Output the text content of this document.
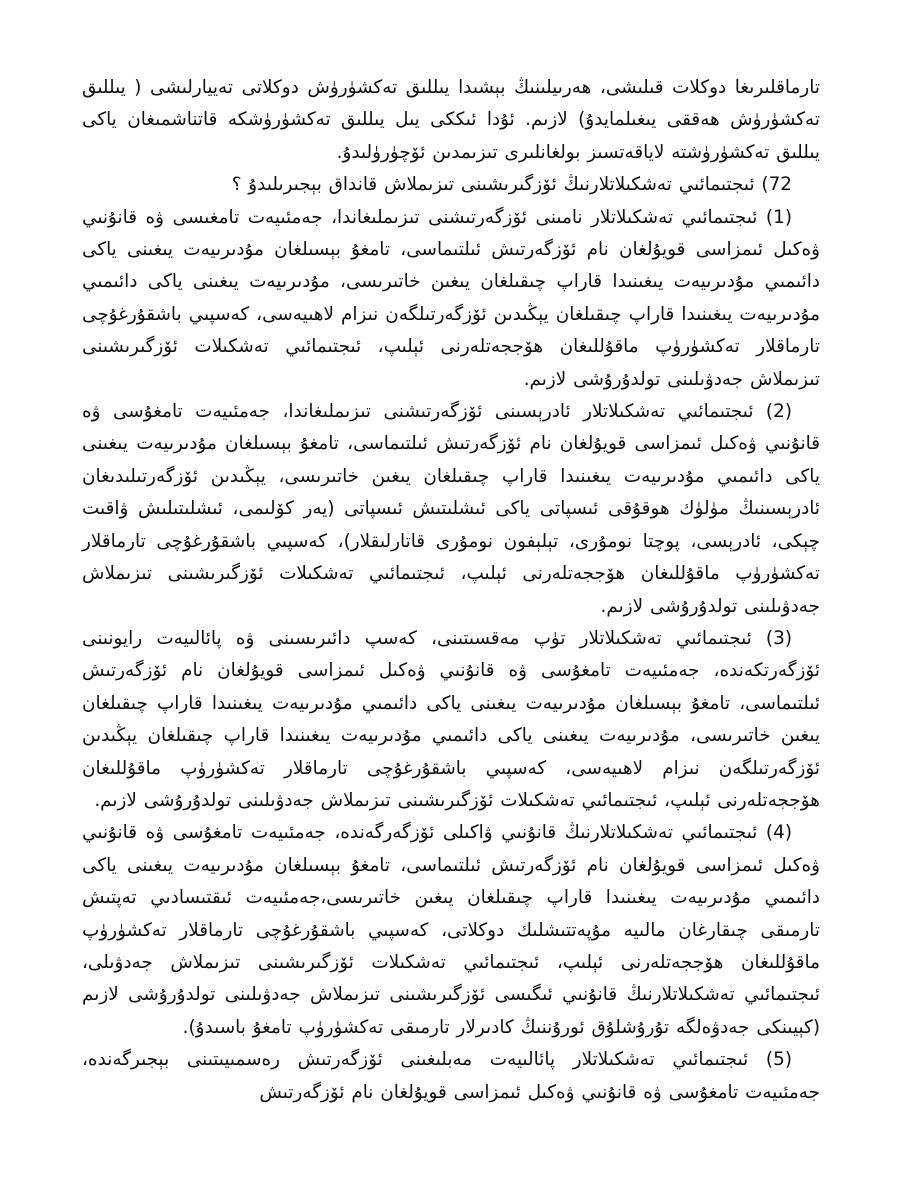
تارماقلىرىغا دوكلات قىلىشى، ھەرىيلىنىڭ بېشىدا يىللىق تەكشۈرۈش دوكلاتى تەييارلىشى ( يىللىق تەكشۈرۈش ھەققى يىغىلمايدۇ) لازىم. ئۇدا ئىككى يىل يىللىق تەكشۈرۈشكە قاتناشمىغان ياكى يىللىق تەكشۈرۈشتە لاياقەتسىز بولغانلىرى تىزىمدىن ئۆچۈرۈلىدۇ.

72) ئىجتىمائىي تەشكىلاتلارنىڭ ئۆزگىرىشىنى تىزىملاش قانداق بېجىرىلىدۇ ؟

(1) ئىجتىمائىي تەشكىلاتلار نامىنى ئۆزگەرتىشنى تىزىملىغاندا، جەمئىيەت تامغىسى ۋە قانۇنىي ۋەكىل ئىمزاسى قويۇلغان نام ئۆزگەرتىش ئىلتىماسى، تامغۇ بېسىلغان مۇدىرىيەت يىغىنى ياكى دائىمىي مۇدىرىيەت يىغىنىدا قاراپ چىقىلغان يىغىن خاتىرىسى، مۇدىرىيەت يىغىنى ياكى دائىمىي مۇدىرىيەت يىغىنىدا قاراپ چىقىلغان يېڭىدىن ئۆزگەرتىلگەن نىزام لاھىيەسى، كەسپىي باشقۇرغۇچى تارماقلار تەكشۈرۈپ ماقۇللىغان ھۆججەتلەرنى ئېلىپ، ئىجتىمائىي تەشكىلات ئۆزگىرىشىنى تىزىملاش جەدۋىلىنى تولدۇرۇشى لازىم.

(2) ئىجتىمائىي تەشكىلاتلار ئادرېسىنى ئۆزگەرتىشنى تىزىملىغاندا، جەمئىيەت تامغۇسى ۋە قانۇنىي ۋەكىل ئىمزاسى قويۇلغان نام ئۆزگەرتىش ئىلتىماسى، تامغۇ بېسىلغان مۇدىرىيەت يىغىنى ياكى دائىمىي مۇدىرىيەت يىغىنىدا قاراپ چىقىلغان يىغىن خاتىرىسى، يېڭىدىن ئۆزگەرتىلىدىغان ئادرېسىنىڭ مۈلۈك ھوقۇقى ئىسپاتى ياكى ئىشلىتىش ئىسپاتى (يەر كۆلىمى، ئىشلىتىلىش ۋاقىت چېكى، ئادرېسى، پوچتا نومۇرى، تېلېفون نومۇرى قاتارلىقلار)، كەسپىي باشقۇرغۇچى تارماقلار تەكشۈرۈپ ماقۇللىغان ھۆججەتلەرنى ئېلىپ، ئىجتىمائىي تەشكىلات ئۆزگىرىشىنى تىزىملاش جەدۋىلىنى تولدۇرۇشى لازىم.

(3) ئىجتىمائىي تەشكىلاتلار تۈپ مەقسىتىنى، كەسپ دائىرىسىنى ۋە پائالىيەت رايونىنى ئۆزگەرتكەندە، جەمئىيەت تامغۇسى ۋە قانۇنىي ۋەكىل ئىمزاسى قويۇلغان نام ئۆزگەرتىش ئىلتىماسى، تامغۇ بېسىلغان مۇدىرىيەت يىغىنى ياكى دائىمىي مۇدىرىيەت يىغىنىدا قاراپ چىقىلغان يىغىن خاتىرىسى، مۇدىرىيەت يىغىنى ياكى دائىمىي مۇدىرىيەت يىغىنىدا قاراپ چىقىلغان يېڭىدىن ئۆزگەرتىلگەن نىزام لاھىيەسى، كەسپىي باشقۇرغۇچى تارماقلار تەكشۈرۈپ ماقۇللىغان ھۆججەتلەرنى ئېلىپ، ئىجتىمائىي تەشكىلات ئۆزگىرىشىنى تىزىملاش جەدۋىلىنى تولدۇرۇشى لازىم.

(4) ئىجتىمائىي تەشكىلاتلارنىڭ قانۇنىي ۋاكىلى ئۆزگەرگەندە، جەمئىيەت تامغۇسى ۋە قانۇنىي ۋەكىل ئىمزاسى قويۇلغان نام ئۆزگەرتىش ئىلتىماسى، تامغۇ بېسىلغان مۇدىرىيەت يىغىنى ياكى دائىمىي مۇدىرىيەت يىغىنىدا قاراپ چىقىلغان يىغىن خاتىرىسى،جەمئىيەت ئىقتىسادىي تەپتىش تارمىقى چىقارغان مالىيە مۇپەتتىشلىك دوكلاتى، كەسپىي باشقۇرغۇچى تارماقلار تەكشۈرۈپ ماقۇللىغان ھۆججەتلەرنى ئېلىپ، ئىجتىمائىي تەشكىلات ئۆزگىرىشىنى تىزىملاش جەدۋىلى، ئىجتىمائىي تەشكىلاتلارنىڭ قانۇنىي ئىگىسى ئۆزگىرىشىنى تىزىملاش جەدۋىلىنى تولدۇرۇشى لازىم (كېيىنكى جەدۋەلگە تۇرۇشلۇق ئورۇننىڭ كادىرلار تارمىقى تەكشۈرۈپ تامغۇ باسىدۇ).

(5) ئىجتىمائىي تەشكىلاتلار پائالىيەت مەبلىغىنى ئۆزگەرتىش رەسمىيىتىنى بېجىرگەندە، جەمئىيەت تامغۇسى ۋە قانۇنىي ۋەكىل ئىمزاسى قويۇلغان نام ئۆزگەرتىش
